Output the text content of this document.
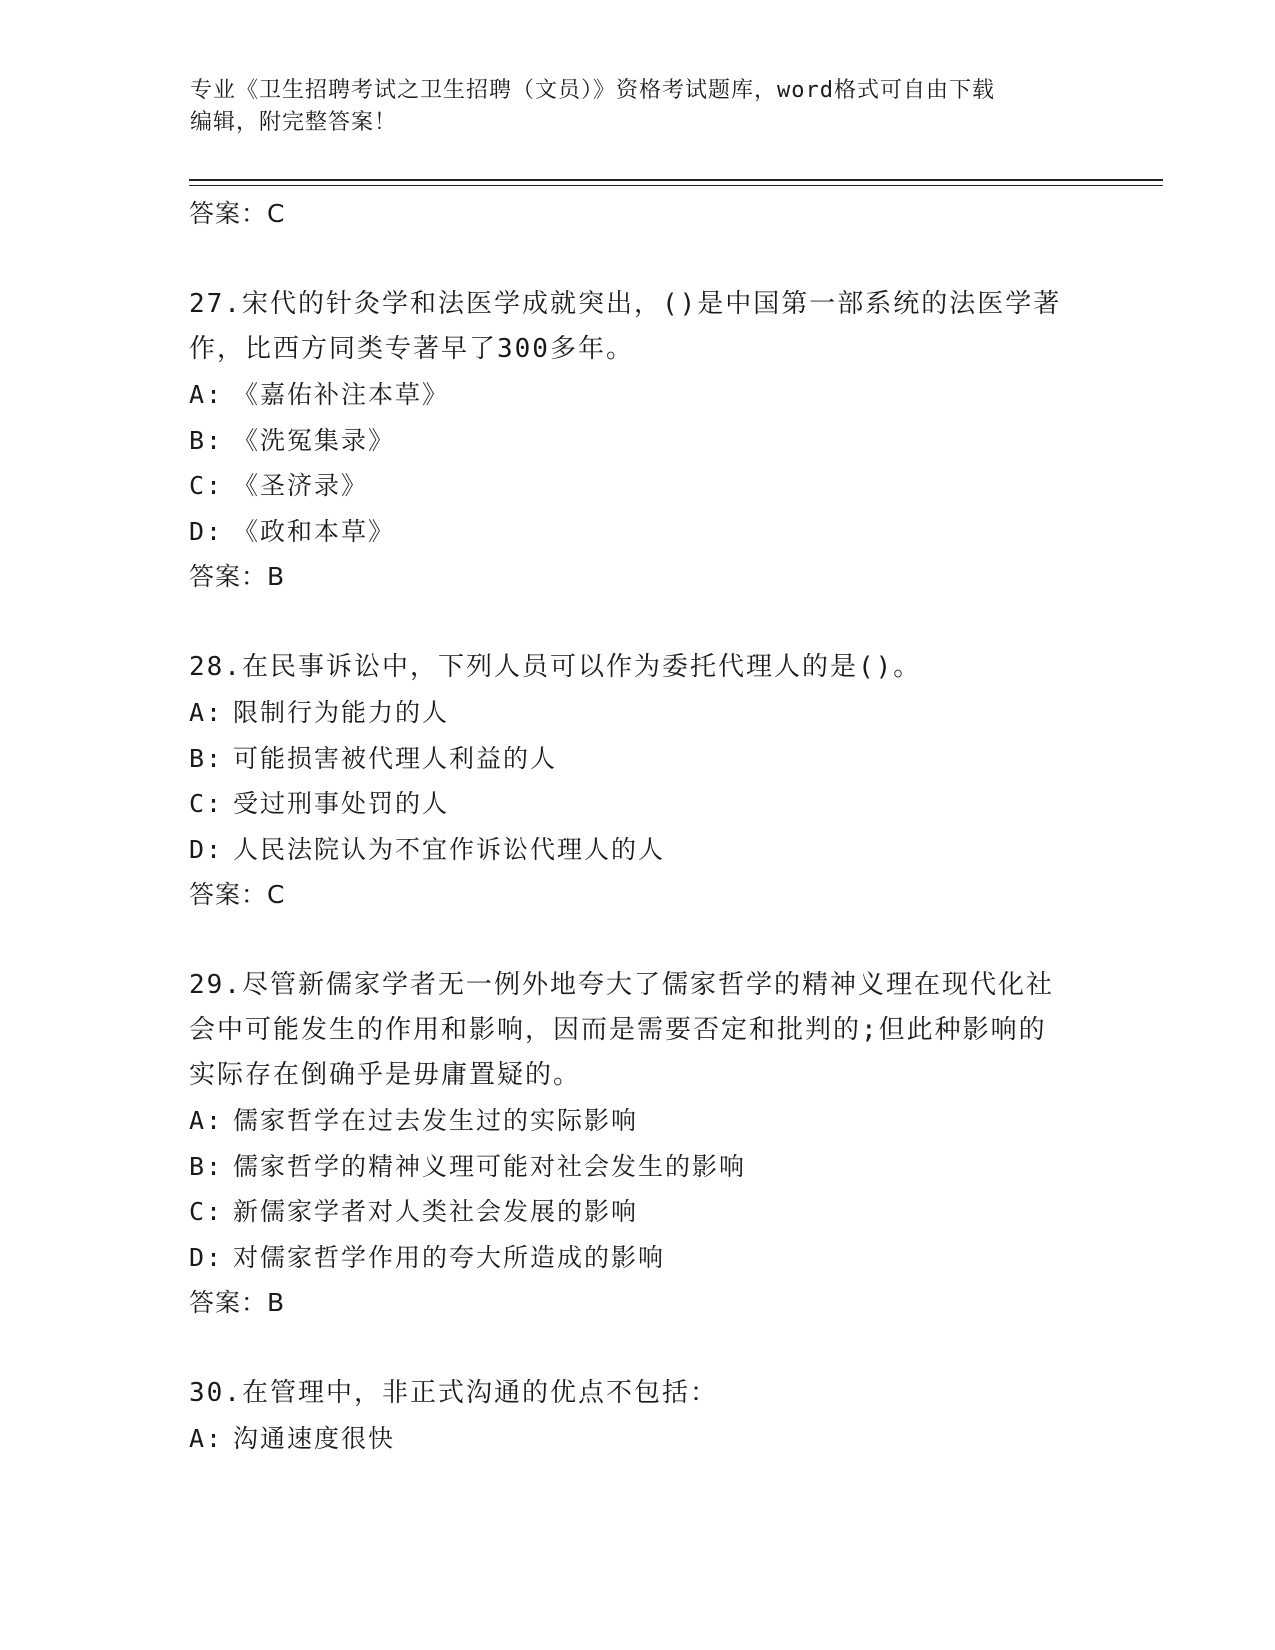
专业《卫生招聘考试之卫生招聘（文员）》资格考试题库，word格式可自由下载
编辑，附完整答案！
答案：C
27.宋代的针灸学和法医学成就突出，()是中国第一部系统的法医学著
作，比西方同类专著早了300多年。
A: 《嘉佑补注本草》
B: 《洗冤集录》
C: 《圣济录》
D: 《政和本草》
答案：B
28.在民事诉讼中，下列人员可以作为委托代理人的是()。
A: 限制行为能力的人
B: 可能损害被代理人利益的人
C: 受过刑事处罚的人
D: 人民法院认为不宜作诉讼代理人的人
答案：C
29.尽管新儒家学者无一例外地夸大了儒家哲学的精神义理在现代化社
会中可能发生的作用和影响，因而是需要否定和批判的;但此种影响的
实际存在倒确乎是毋庸置疑的。
A: 儒家哲学在过去发生过的实际影响
B: 儒家哲学的精神义理可能对社会发生的影响
C: 新儒家学者对人类社会发展的影响
D: 对儒家哲学作用的夸大所造成的影响
答案：B
30.在管理中，非正式沟通的优点不包括：
A: 沟通速度很快
